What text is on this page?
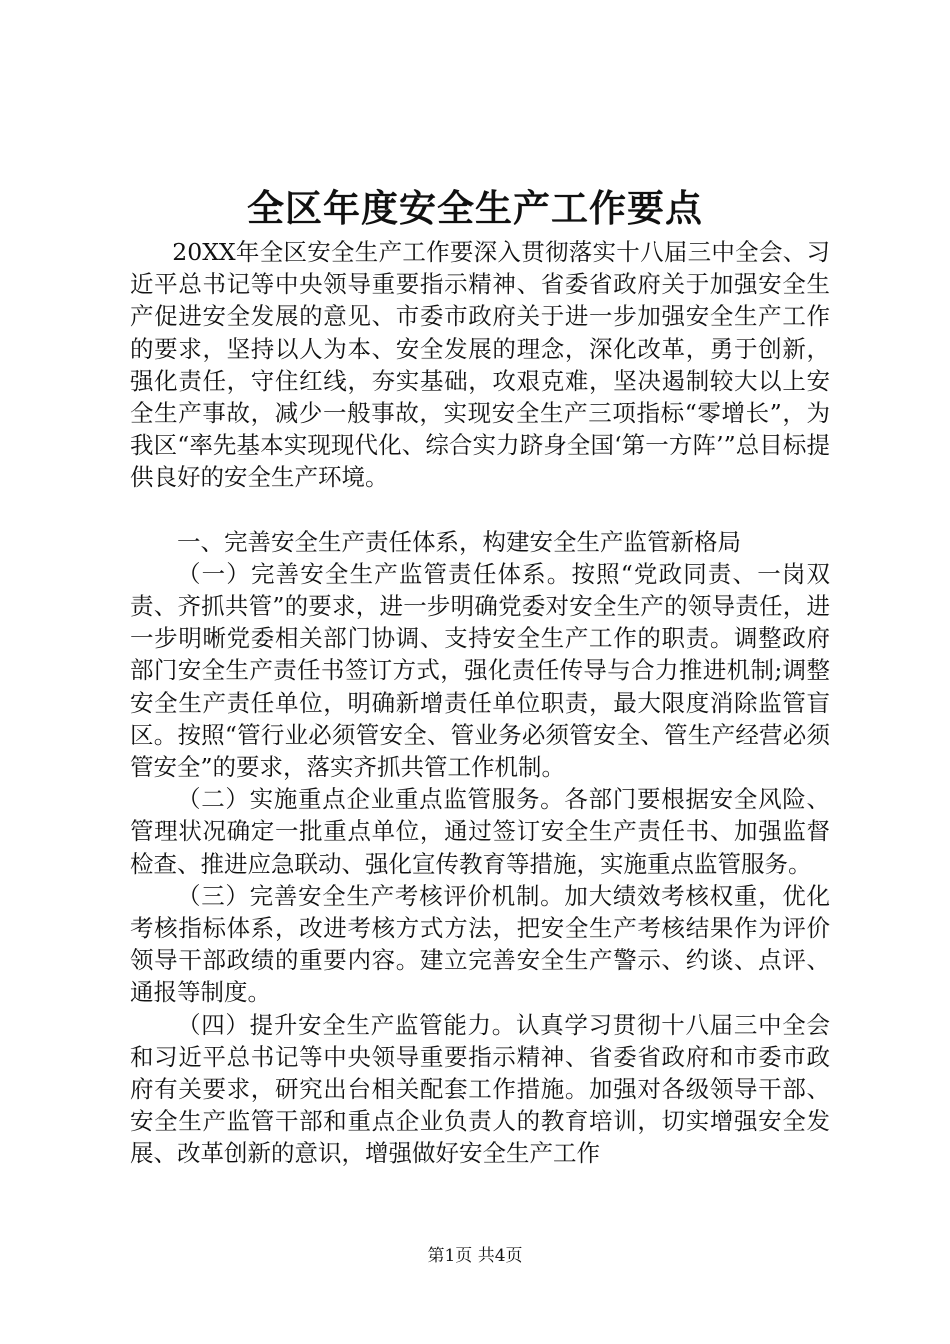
全区年度安全生产工作要点

20XX年全区安全生产工作要深入贯彻落实十八届三中全会、习近平总书记等中央领导重要指示精神、省委省政府关于加强安全生产促进安全发展的意见、市委市政府关于进一步加强安全生产工作的要求，坚持以人为本、安全发展的理念，深化改革，勇于创新，强化责任，守住红线，夯实基础，攻艰克难，坚决遏制较大以上安全生产事故，减少一般事故，实现安全生产三项指标“零增长”，为我区“率先基本实现现代化、综合实力跻身全国‘第一方阵’”总目标提供良好的安全生产环境。

一、完善安全生产责任体系，构建安全生产监管新格局

（一）完善安全生产监管责任体系。按照“党政同责、一岗双责、齐抓共管”的要求，进一步明确党委对安全生产的领导责任，进一步明晰党委相关部门协调、支持安全生产工作的职责。调整政府部门安全生产责任书签订方式，强化责任传导与合力推进机制;调整安全生产责任单位，明确新增责任单位职责，最大限度消除监管盲区。按照“管行业必须管安全、管业务必须管安全、管生产经营必须管安全”的要求，落实齐抓共管工作机制。

（二）实施重点企业重点监管服务。各部门要根据安全风险、管理状况确定一批重点单位，通过签订安全生产责任书、加强监督检查、推进应急联动、强化宣传教育等措施，实施重点监管服务。

（三）完善安全生产考核评价机制。加大绩效考核权重，优化考核指标体系，改进考核方式方法，把安全生产考核结果作为评价领导干部政绩的重要内容。建立完善安全生产警示、约谈、点评、通报等制度。

（四）提升安全生产监管能力。认真学习贯彻十八届三中全会和习近平总书记等中央领导重要指示精神、省委省政府和市委市政府有关要求，研究出台相关配套工作措施。加强对各级领导干部、安全生产监管干部和重点企业负责人的教育培训，切实增强安全发展、改革创新的意识，增强做好安全生产工作

第1页 共4页
